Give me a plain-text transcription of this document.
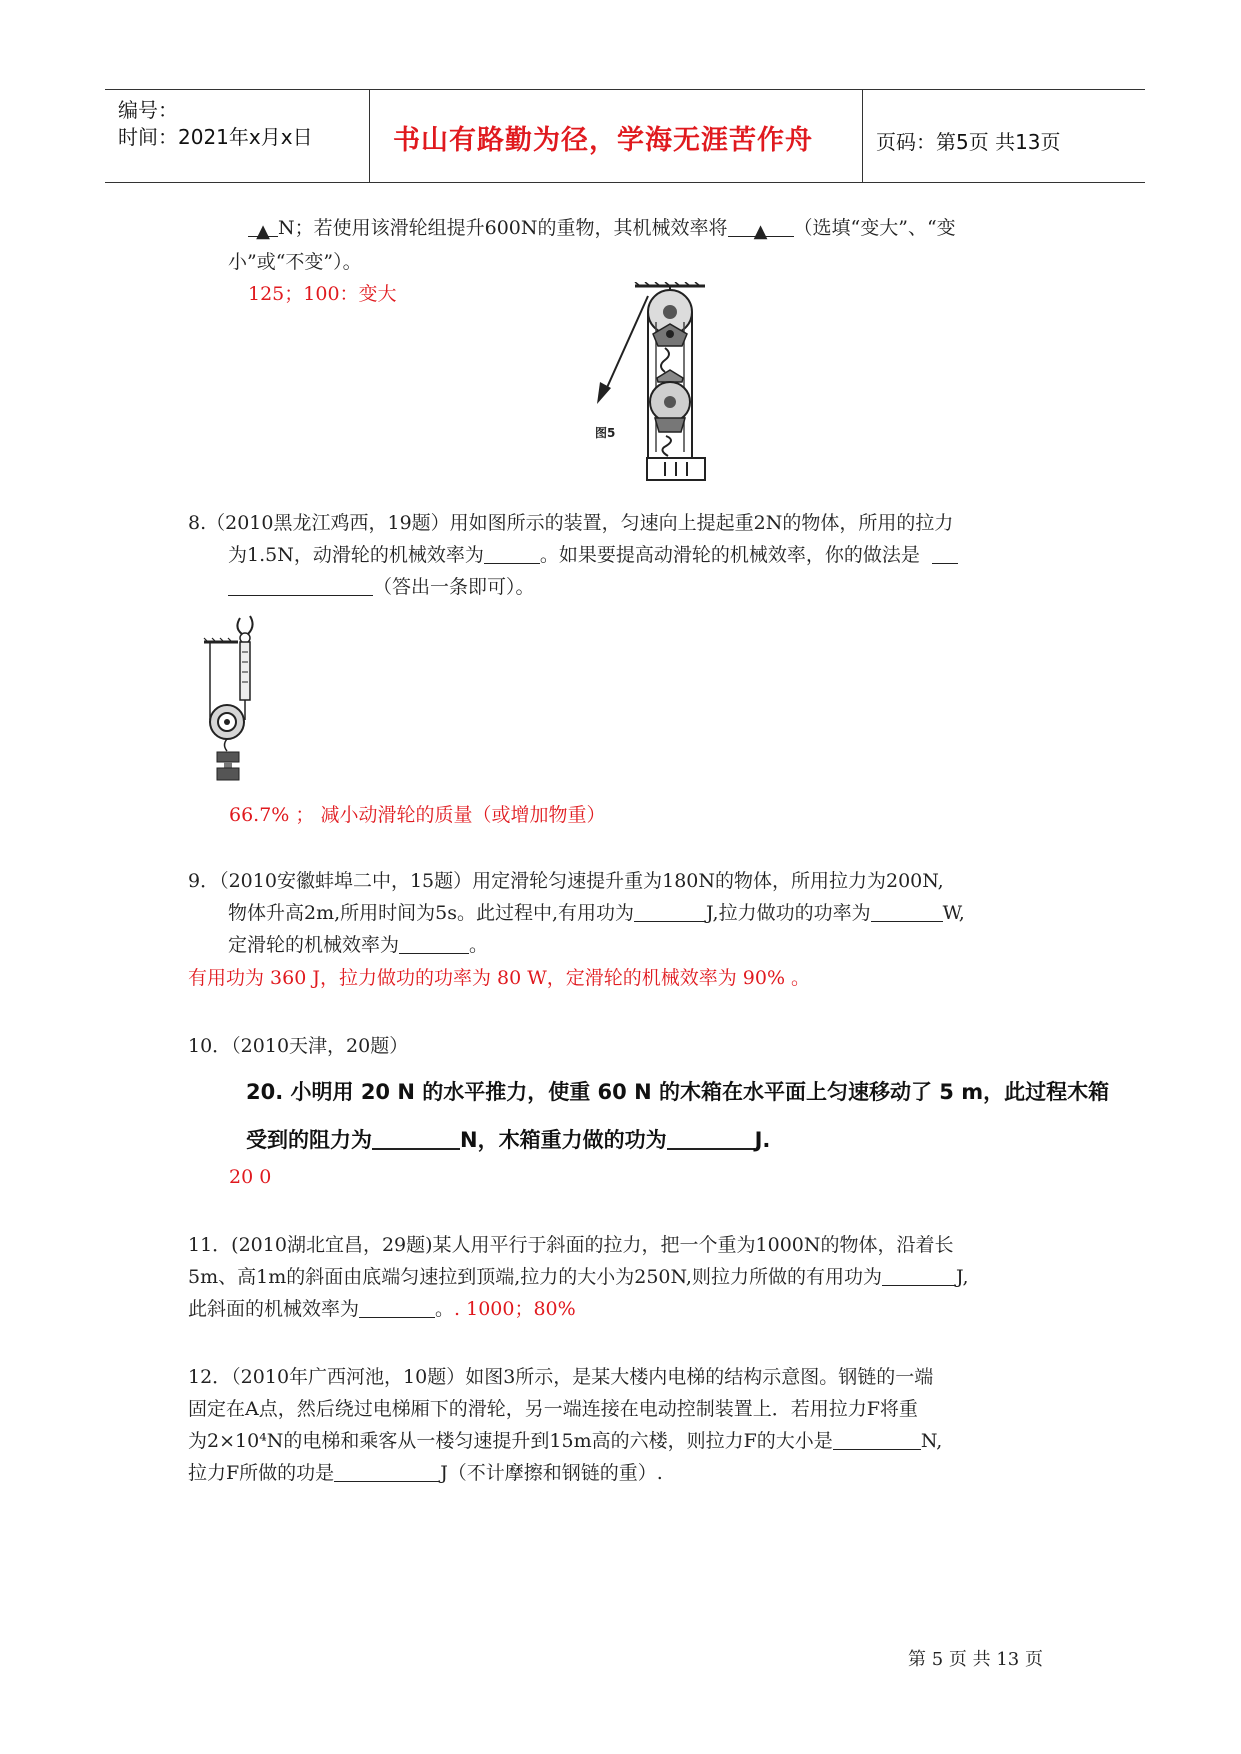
编号：
时间：2021年x月x日	书山有路勤为径，学海无涯苦作舟	页码：第5页 共13页
▲ N；若使用该滑轮组提升600N的重物，其机械效率将 ▲ （选填“变大”、“变
小”或“不变”）。
125；100：变大
图5
8.（2010黑龙江鸡西，19题）用如图所示的装置，匀速向上提起重2N的物体，所用的拉力
为1.5N，动滑轮的机械效率为	。如果要提高动滑轮的机械效率，你的做法是
（答出一条即可）。
66.7% ； 减小动滑轮的质量（或增加物重）
9．（2010安徽蚌埠二中，15题）用定滑轮匀速提升重为180N的物体，所用拉力为200N,
物体升高2m,所用时间为5s。此过程中,有用功为	J,拉力做功的功率为	W,
定滑轮的机械效率为	。
有用功为 360 J，拉力做功的功率为 80 W，定滑轮的机械效率为 90% 。
10．（2010天津，20题）
20. 小明用 20 N 的水平推力，使重 60 N 的木箱在水平面上匀速移动了 5 m，此过程木箱
受到的阻力为	N，木箱重力做的功为	J.
20 0
11．(2010湖北宜昌，29题)某人用平行于斜面的拉力，把一个重为1000N的物体，沿着长
5m、高1m的斜面由底端匀速拉到顶端,拉力的大小为250N,则拉力所做的有用功为	J,
此斜面的机械效率为	。. 1000；80%
12．（2010年广西河池，10题）如图3所示，是某大楼内电梯的结构示意图。钢链的一端
固定在A点，然后绕过电梯厢下的滑轮，另一端连接在电动控制装置上．若用拉力F将重
为2×10⁴N的电梯和乘客从一楼匀速提升到15m高的六楼，则拉力F的大小是	N,
拉力F所做的功是	J（不计摩擦和钢链的重）.
第 5 页 共 13 页
